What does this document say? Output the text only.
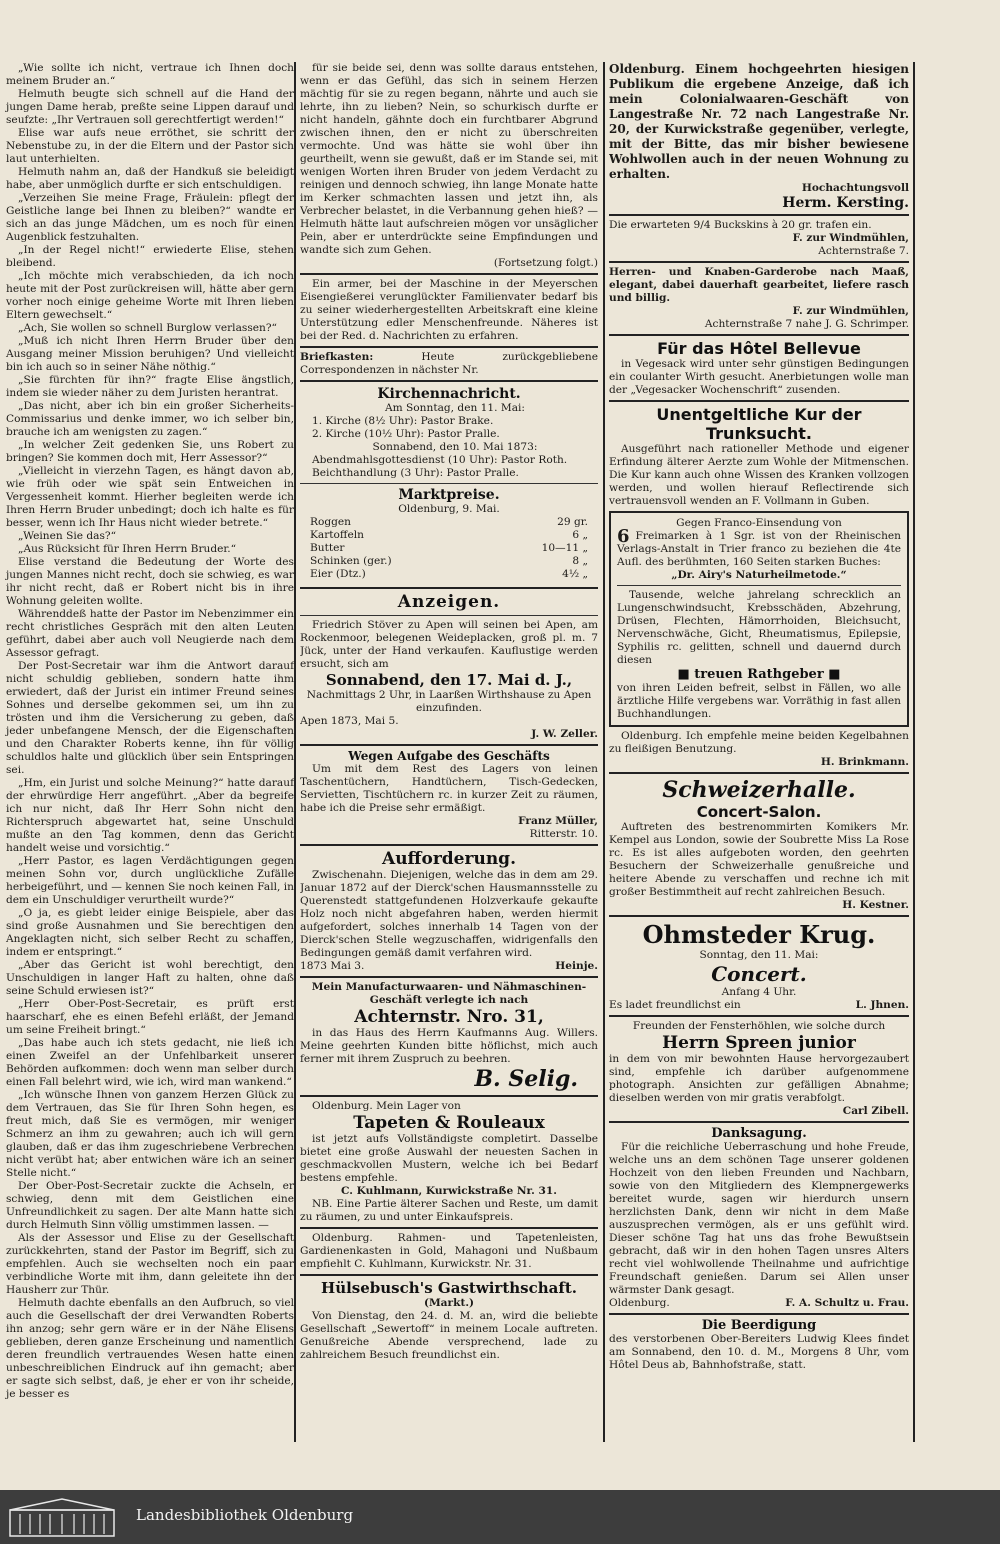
„Wie sollte ich nicht, vertraue ich Ihnen doch meinem Bruder an.“

Helmuth beugte sich schnell auf die Hand der jungen Dame herab, preßte seine Lippen darauf und seufzte: „Ihr Vertrauen soll gerechtfertigt werden!“

Elise war aufs neue erröthet, sie schritt der Nebenstube zu, in der die Eltern und der Pastor sich laut unterhielten.

Helmuth nahm an, daß der Handkuß sie beleidigt habe, aber unmöglich durfte er sich entschuldigen.

„Verzeihen Sie meine Frage, Fräulein: pflegt der Geistliche lange bei Ihnen zu bleiben?“ wandte er sich an das junge Mädchen, um es noch für einen Augenblick festzuhalten.

„In der Regel nicht!“ erwiederte Elise, stehen bleibend.

„Ich möchte mich verabschieden, da ich noch heute mit der Post zurückreisen will, hätte aber gern vorher noch einige geheime Worte mit Ihren lieben Eltern gewechselt.“

„Ach, Sie wollen so schnell Burglow verlassen?“

„Muß ich nicht Ihren Herrn Bruder über den Ausgang meiner Mission beruhigen? Und vielleicht bin ich auch so in seiner Nähe nöthig.“

„Sie fürchten für ihn?“ fragte Elise ängstlich, indem sie wieder näher zu dem Juristen herantrat.

„Das nicht, aber ich bin ein großer Sicherheits-Commissarius und denke immer, wo ich selber bin, brauche ich am wenigsten zu zagen.“

„In welcher Zeit gedenken Sie, uns Robert zu bringen? Sie kommen doch mit, Herr Assessor?“

„Vielleicht in vierzehn Tagen, es hängt davon ab, wie früh oder wie spät sein Entweichen in Vergessenheit kommt. Hierher begleiten werde ich Ihren Herrn Bruder unbedingt; doch ich halte es für besser, wenn ich Ihr Haus nicht wieder betrete.“

„Weinen Sie das?“

„Aus Rücksicht für Ihren Herrn Bruder.“

Elise verstand die Bedeutung der Worte des jungen Mannes nicht recht, doch sie schwieg, es war ihr nicht recht, daß er Robert nicht bis in ihre Wohnung geleiten wollte.

Währenddeß hatte der Pastor im Nebenzimmer ein recht christliches Gespräch mit den alten Leuten geführt, dabei aber auch voll Neugierde nach dem Assessor gefragt.

Der Post-Secretair war ihm die Antwort darauf nicht schuldig geblieben, sondern hatte ihm erwiedert, daß der Jurist ein intimer Freund seines Sohnes und derselbe gekommen sei, um ihn zu trösten und ihm die Versicherung zu geben, daß jeder unbefangene Mensch, der die Eigenschaften und den Charakter Roberts kenne, ihn für völlig schuldlos halte und glücklich über sein Entspringen sei.

„Hm, ein Jurist und solche Meinung?“ hatte darauf der ehrwürdige Herr angeführt. „Aber da begreife ich nur nicht, daß Ihr Herr Sohn nicht den Richterspruch abgewartet hat, seine Unschuld mußte an den Tag kommen, denn das Gericht handelt weise und vorsichtig.“

„Herr Pastor, es lagen Verdächtigungen gegen meinen Sohn vor, durch unglückliche Zufälle herbeigeführt, und — kennen Sie noch keinen Fall, in dem ein Unschuldiger verurtheilt wurde?“

„O ja, es giebt leider einige Beispiele, aber das sind große Ausnahmen und Sie berechtigen den Angeklagten nicht, sich selber Recht zu schaffen, indem er entspringt.“

„Aber das Gericht ist wohl berechtigt, den Unschuldigen in langer Haft zu halten, ohne daß seine Schuld erwiesen ist?“

„Herr Ober-Post-Secretair, es prüft erst haarscharf, ehe es einen Befehl erläßt, der Jemand um seine Freiheit bringt.“

„Das habe auch ich stets gedacht, nie ließ ich einen Zweifel an der Unfehlbarkeit unserer Behörden aufkommen: doch wenn man selber durch einen Fall belehrt wird, wie ich, wird man wankend.“

„Ich wünsche Ihnen von ganzem Herzen Glück zu dem Vertrauen, das Sie für Ihren Sohn hegen, es freut mich, daß Sie es vermögen, mir weniger Schmerz an ihm zu gewahren; auch ich will gern glauben, daß er das ihm zugeschriebene Verbrechen nicht verübt hat; aber entwichen wäre ich an seiner Stelle nicht.“

Der Ober-Post-Secretair zuckte die Achseln, er schwieg, denn mit dem Geistlichen eine Unfreundlichkeit zu sagen. Der alte Mann hatte sich durch Helmuth Sinn völlig umstimmen lassen. —

Als der Assessor und Elise zu der Gesellschaft zurückkehrten, stand der Pastor im Begriff, sich zu empfehlen. Auch sie wechselten noch ein paar verbindliche Worte mit ihm, dann geleitete ihn der Hausherr zur Thür.

Helmuth dachte ebenfalls an den Aufbruch, so viel auch die Gesellschaft der drei Verwandten Roberts ihn anzog; sehr gern wäre er in der Nähe Elisens geblieben, deren ganze Erscheinung und namentlich deren freundlich vertrauendes Wesen hatte einen unbeschreiblichen Eindruck auf ihn gemacht; aber er sagte sich selbst, daß, je eher er von ihr scheide, je besser es

für sie beide sei, denn was sollte daraus entstehen, wenn er das Gefühl, das sich in seinem Herzen mächtig für sie zu regen begann, nährte und auch sie lehrte, ihn zu lieben? Nein, so schurkisch durfte er nicht handeln, gähnte doch ein furchtbarer Abgrund zwischen ihnen, den er nicht zu überschreiten vermochte. Und was hätte sie wohl über ihn geurtheilt, wenn sie gewußt, daß er im Stande sei, mit wenigen Worten ihren Bruder von jedem Verdacht zu reinigen und dennoch schwieg, ihn lange Monate hatte im Kerker schmachten lassen und jetzt ihn, als Verbrecher belastet, in die Verbannung gehen hieß? — Helmuth hätte laut aufschreien mögen vor unsäglicher Pein, aber er unterdrückte seine Empfindungen und wandte sich zum Gehen.

(Fortsetzung folgt.)

Ein armer, bei der Maschine in der Meyerschen Eisengießerei verunglückter Familienvater bedarf bis zu seiner wiederhergestellten Arbeitskraft eine kleine Unterstützung edler Menschenfreunde. Näheres ist bei der Red. d. Nachrichten zu erfahren.

Briefkasten:	Heute zurückgebliebene Correspondenzen in nächster Nr.

Kirchennachricht.

Am Sonntag, den 11. Mai:

1. Kirche (8½ Uhr): Pastor Brake.

2. Kirche (10½ Uhr): Pastor Pralle.

Sonnabend, den 10. Mai 1873:

Abendmahlsgottesdienst (10 Uhr): Pastor Roth.

Beichthandlung (3 Uhr): Pastor Pralle.

Marktpreise.

Oldenburg, 9. Mai.

Roggen	29 gr.

Kartoffeln	6 „

Butter	10—11 „

Schinken (ger.)	8 „

Eier (Dtz.)	4½ „

Anzeigen.

Friedrich Stöver zu Apen will seinen bei Apen, am Rockenmoor, belegenen Weideplacken, groß pl. m. 7 Jück, unter der Hand verkaufen. Kauflustige werden ersucht, sich am

Sonnabend, den 17. Mai d. J.,

Nachmittags 2 Uhr, in Laarßen Wirthshause zu Apen einzufinden.

Apen 1873, Mai 5.

J. W. Zeller.

Wegen Aufgabe des Geschäfts

Um mit dem Rest des Lagers von leinen Taschentüchern, Handtüchern, Tisch-Gedecken, Servietten, Tischtüchern rc. in kurzer Zeit zu räumen, habe ich die Preise sehr ermäßigt.

Franz Müller,

Ritterstr. 10.

Aufforderung.

Zwischenahn. Diejenigen, welche das in dem am 29. Januar 1872 auf der Dierck'schen Hausmannsstelle zu Querenstedt stattgefundenen Holzverkaufe gekaufte Holz noch nicht abgefahren haben, werden hiermit aufgefordert, solches innerhalb 14 Tagen von der Dierck'schen Stelle wegzuschaffen, widrigenfalls den Bedingungen gemäß damit verfahren wird.

1873 Mai 3.	Heinje.

Mein Manufacturwaaren- und Nähmaschinen-Geschäft verlegte ich nach

Achternstr. Nro. 31,

in das Haus des Herrn Kaufmanns Aug. Willers. Meine geehrten Kunden bitte höflichst, mich auch ferner mit ihrem Zuspruch zu beehren.

B. Selig.

Oldenburg. Mein Lager von

Tapeten & Rouleaux

ist jetzt aufs Vollständigste completirt. Dasselbe bietet eine große Auswahl der neuesten Sachen in geschmackvollen Mustern, welche ich bei Bedarf bestens empfehle.

C. Kuhlmann, Kurwickstraße Nr. 31.

NB. Eine Partie älterer Sachen und Reste, um damit zu räumen, zu und unter Einkaufspreis.

Oldenburg. Rahmen- und Tapetenleisten, Gardienenkasten in Gold, Mahagoni und Nußbaum empfiehlt C. Kuhlmann, Kurwickstr. Nr. 31.

Hülsebusch's Gastwirthschaft.

(Markt.)

Von Dienstag, den 24. d. M. an, wird die beliebte Gesellschaft „Sewertoff“ in meinem Locale auftreten. Genußreiche Abende versprechend, lade zu zahlreichem Besuch freundlichst ein.

Oldenburg. Einem hochgeehrten hiesigen Publikum die ergebene Anzeige, daß ich mein Colonialwaaren-Geschäft von Langestraße Nr. 72 nach Langestraße Nr. 20, der Kurwickstraße gegenüber, verlegte, mit der Bitte, das mir bisher bewiesene Wohlwollen auch in der neuen Wohnung zu erhalten.

Hochachtungsvoll

Herm. Kersting.

Die erwarteten 9/4 Buckskins à 20 gr. trafen ein.

F. zur Windmühlen,

Achternstraße 7.

Herren- und Knaben-Garderobe nach Maaß, elegant, dabei dauerhaft gearbeitet, liefere rasch und billig.

F. zur Windmühlen,

Achternstraße 7 nahe J. G. Schrimper.

Für das Hôtel Bellevue

in Vegesack wird unter sehr günstigen Bedingungen ein coulanter Wirth gesucht. Anerbietungen wolle man der „Vegesacker Wochenschrift“ zusenden.

Unentgeltliche Kur der

Trunksucht.

Ausgeführt nach rationeller Methode und eigener Erfindung älterer Aerzte zum Wohle der Mitmenschen. Die Kur kann auch ohne Wissen des Kranken vollzogen werden, und wollen hierauf Reflectirende sich vertrauensvoll wenden an F. Vollmann in Guben.

Gegen Franco-Einsendung von

6 Freimarken à 1 Sgr. ist von der Rheinischen Verlags-Anstalt in Trier franco zu beziehen die 4te Aufl. des berühmten, 160 Seiten starken Buches:

„Dr. Airy's Naturheilmetode.“

Tausende, welche jahrelang schrecklich an Lungenschwindsucht, Krebsschäden, Abzehrung, Drüsen, Flechten, Hämorrhoiden, Bleichsucht, Nervenschwäche, Gicht, Rheumatismus, Epilepsie, Syphilis rc. gelitten, schnell und dauernd durch diesen

■ treuen Rathgeber ■

von ihren Leiden befreit, selbst in Fällen, wo alle ärztliche Hilfe vergebens war. Vorräthig in fast allen Buchhandlungen.

Oldenburg. Ich empfehle meine beiden Kegelbahnen zu fleißigen Benutzung.

H. Brinkmann.

Schweizerhalle.

Concert-Salon.

Auftreten des bestrenommirten Komikers Mr. Kempel aus London, sowie der Soubrette Miss La Rose rc. Es ist alles aufgeboten worden, den geehrten Besuchern der Schweizerhalle genußreiche und heitere Abende zu verschaffen und rechne ich mit großer Bestimmtheit auf recht zahlreichen Besuch.

H. Kestner.

Ohmsteder Krug.

Sonntag, den 11. Mai:

Concert.

Anfang 4 Uhr.

Es ladet freundlichst ein	L. Jhnen.

Freunden der Fensterhöhlen, wie solche durch

Herrn Spreen junior

in dem von mir bewohnten Hause hervorgezaubert sind, empfehle ich darüber aufgenommene photograph. Ansichten zur gefälligen Abnahme; dieselben werden von mir gratis verabfolgt.

Carl Zibell.

Danksagung.

Für die reichliche Ueberraschung und hohe Freude, welche uns an dem schönen Tage unserer goldenen Hochzeit von den lieben Freunden und Nachbarn, sowie von den Mitgliedern des Klempnergewerks bereitet wurde, sagen wir hierdurch unsern herzlichsten Dank, denn wir nicht in dem Maße auszusprechen vermögen, als er uns gefühlt wird. Dieser schöne Tag hat uns das frohe Bewußtsein gebracht, daß wir in den hohen Tagen unsres Alters recht viel wohlwollende Theilnahme und aufrichtige Freundschaft genießen. Darum sei Allen unser wärmster Dank gesagt.

Oldenburg.	F. A. Schultz u. Frau.

Die Beerdigung

des verstorbenen Ober-Bereiters Ludwig Klees findet am Sonnabend, den 10. d. M., Morgens 8 Uhr, vom Hôtel Deus ab, Bahnhofstraße, statt.

Landesbibliothek Oldenburg
